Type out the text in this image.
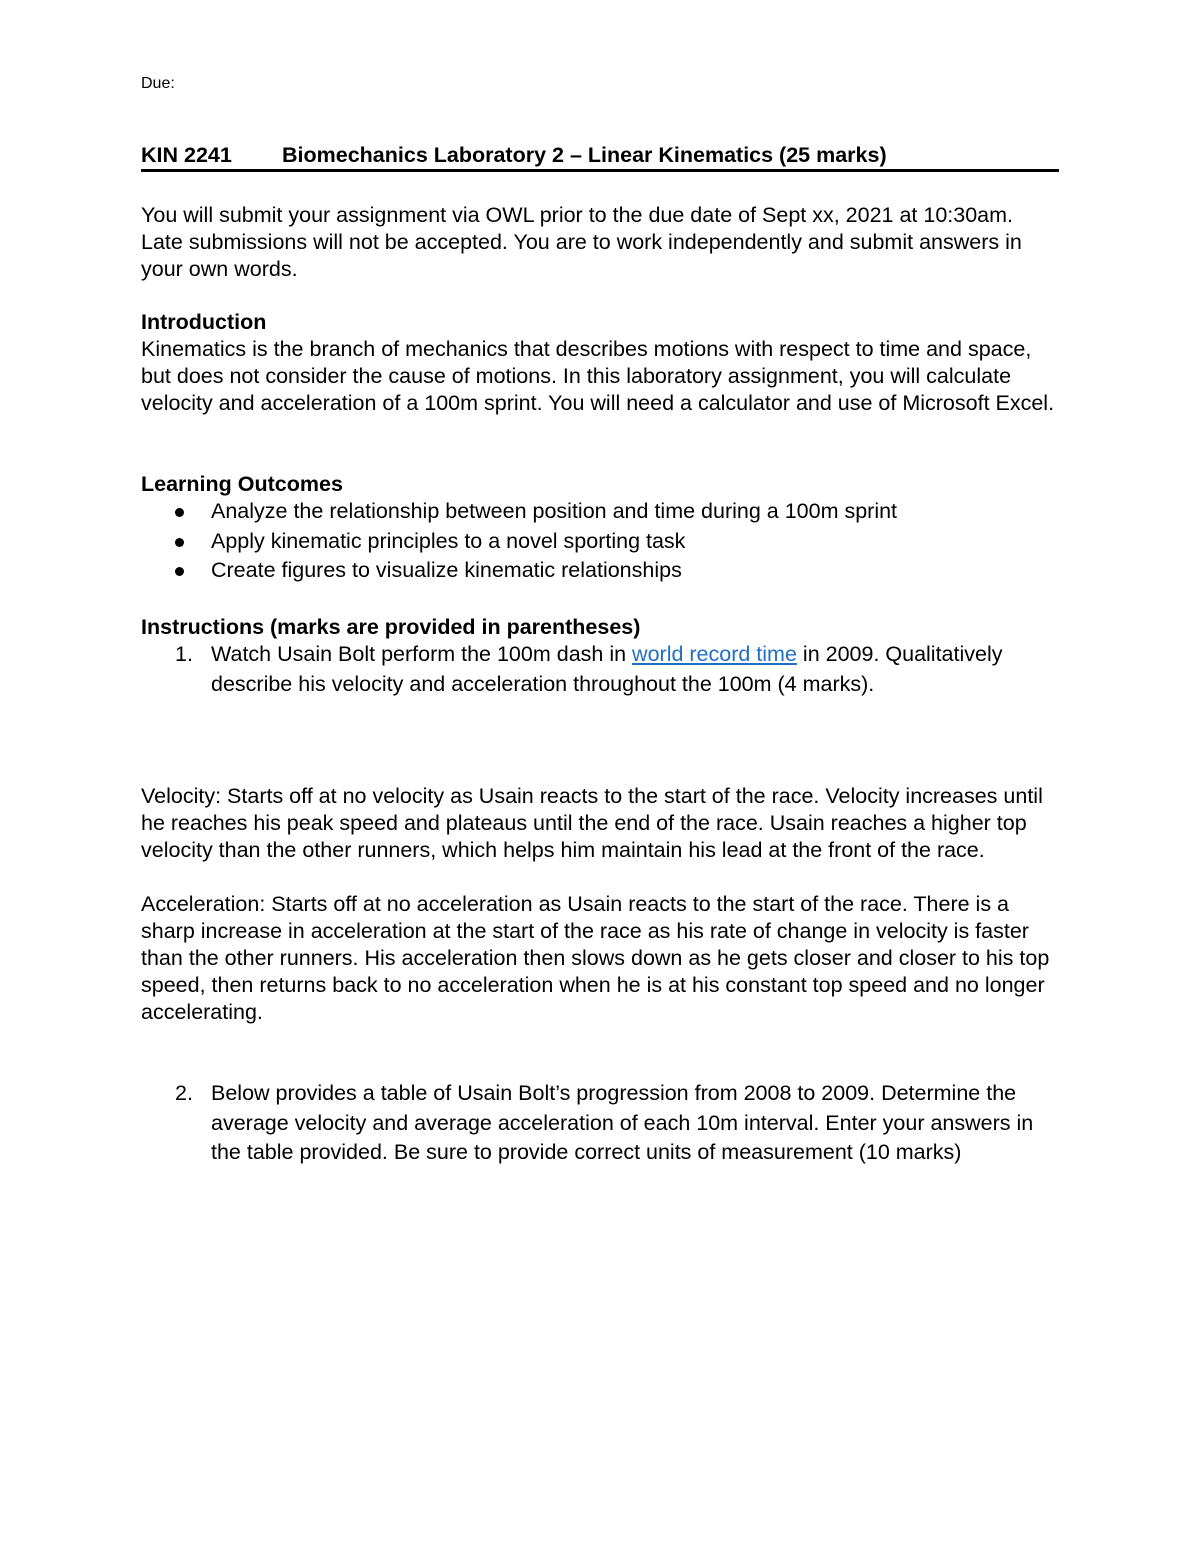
Due:
KIN 2241 Biomechanics Laboratory 2 – Linear Kinematics (25 marks)

You will submit your assignment via OWL prior to the due date of Sept xx, 2021 at 10:30am. Late submissions will not be accepted. You are to work independently and submit answers in your own words.

Introduction

Kinematics is the branch of mechanics that describes motions with respect to time and space, but does not consider the cause of motions. In this laboratory assignment, you will calculate velocity and acceleration of a 100m sprint. You will need a calculator and use of Microsoft Excel.

Learning Outcomes

Analyze the relationship between position and time during a 100m sprint
Apply kinematic principles to a novel sporting task
Create figures to visualize kinematic relationships

Instructions (marks are provided in parentheses)

1. Watch Usain Bolt perform the 100m dash in world record time in 2009. Qualitatively describe his velocity and acceleration throughout the 100m (4 marks).

Velocity: Starts off at no velocity as Usain reacts to the start of the race. Velocity increases until he reaches his peak speed and plateaus until the end of the race. Usain reaches a higher top velocity than the other runners, which helps him maintain his lead at the front of the race.

Acceleration: Starts off at no acceleration as Usain reacts to the start of the race. There is a sharp increase in acceleration at the start of the race as his rate of change in velocity is faster than the other runners. His acceleration then slows down as he gets closer and closer to his top speed, then returns back to no acceleration when he is at his constant top speed and no longer accelerating.

2. Below provides a table of Usain Bolt’s progression from 2008 to 2009. Determine the average velocity and average acceleration of each 10m interval. Enter your answers in the table provided. Be sure to provide correct units of measurement (10 marks)
